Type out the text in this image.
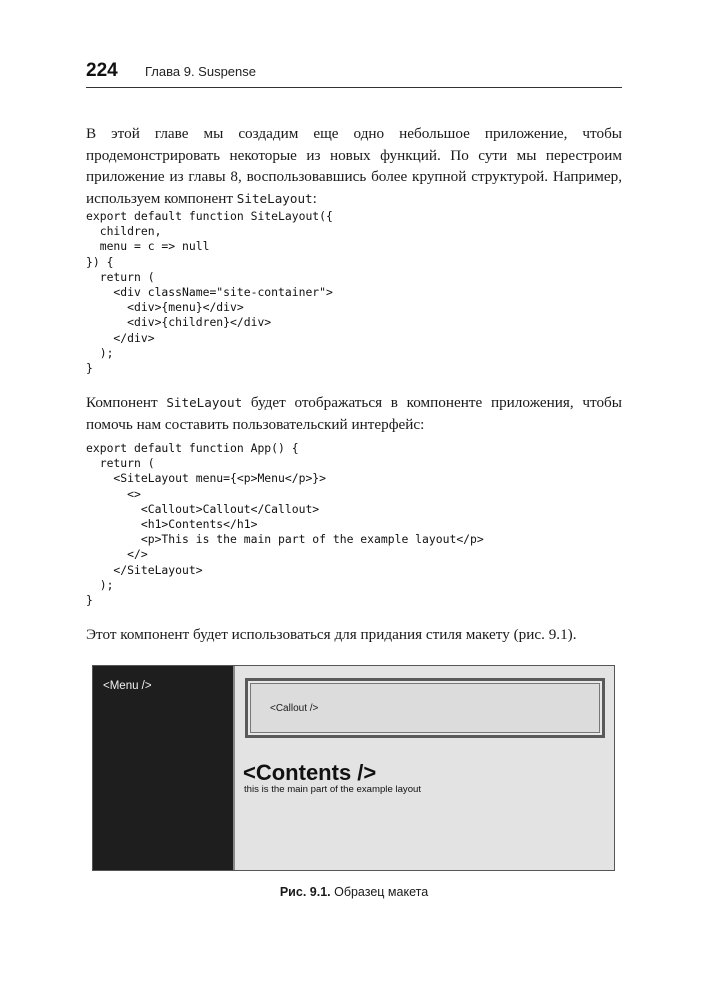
224 Глава 9. Suspense

В этой главе мы создадим еще одно небольшое приложение, чтобы продемонстрировать некоторые из новых функций. По сути мы перестроим приложение из главы 8, воспользовавшись более крупной структурой. Например, используем компонент SiteLayout:

export default function SiteLayout({
children,
menu = c => null
}) {
return (
<div className="site-container">
<div>{menu}</div>
<div>{children}</div>
</div>
);
}

Компонент SiteLayout будет отображаться в компоненте приложения, чтобы помочь нам составить пользовательский интерфейс:

export default function App() {
return (
<SiteLayout menu={<p>Menu</p>}>
<>
<Callout>Callout</Callout>
<h1>Contents</h1>
<p>This is the main part of the example layout</p>
</>
</SiteLayout>
);
}

Этот компонент будет использоваться для придания стиля макету (рис. 9.1).

<Menu />
<Callout />
<Contents />
this is the main part of the example layout
Рис. 9.1. Образец макета
